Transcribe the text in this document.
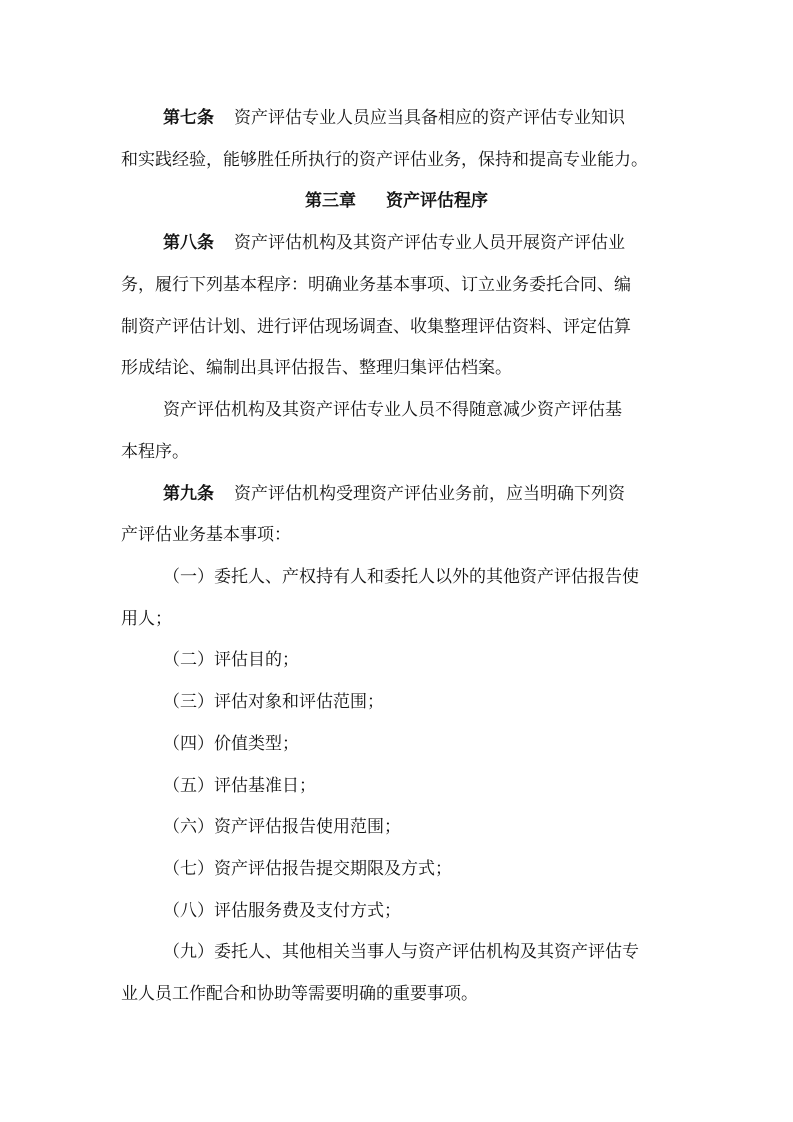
第七条 资产评估专业人员应当具备相应的资产评估专业知识
和实践经验，能够胜任所执行的资产评估业务，保持和提高专业能力。
第三章 资产评估程序
第八条 资产评估机构及其资产评估专业人员开展资产评估业
务，履行下列基本程序：明确业务基本事项、订立业务委托合同、编
制资产评估计划、进行评估现场调查、收集整理评估资料、评定估算
形成结论、编制出具评估报告、整理归集评估档案。
资产评估机构及其资产评估专业人员不得随意减少资产评估基
本程序。
第九条 资产评估机构受理资产评估业务前，应当明确下列资
产评估业务基本事项：
（一）委托人、产权持有人和委托人以外的其他资产评估报告使
用人；
（二）评估目的；
（三）评估对象和评估范围；
（四）价值类型；
（五）评估基准日；
（六）资产评估报告使用范围；
（七）资产评估报告提交期限及方式；
（八）评估服务费及支付方式；
（九）委托人、其他相关当事人与资产评估机构及其资产评估专
业人员工作配合和协助等需要明确的重要事项。
